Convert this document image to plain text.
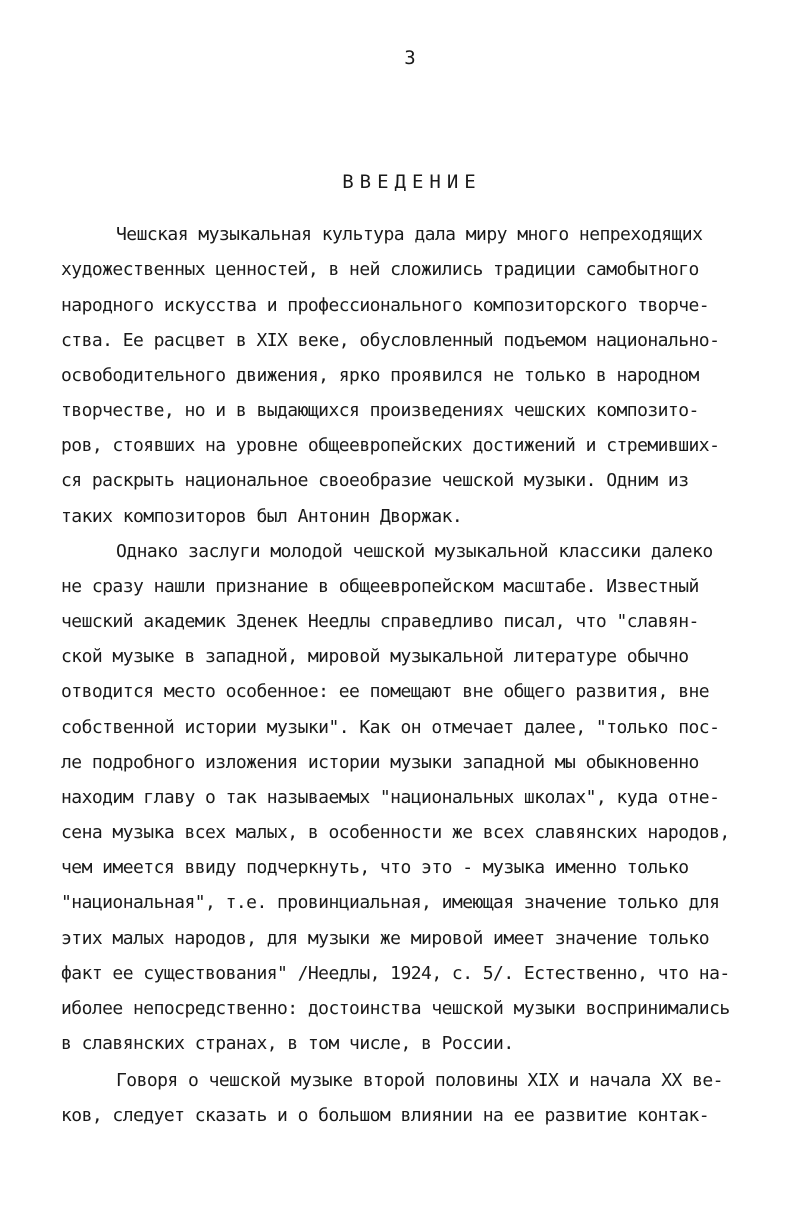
3
ВВЕДЕНИЕ
Чешская музыкальная культура дала миру много непреходящих
художественных ценностей, в ней сложились традиции самобытного
народного искусства и профессионального композиторского творче-
ства. Ее расцвет в XIX веке, обусловленный подъемом национально-
освободительного движения, ярко проявился не только в народном
творчестве, но и в выдающихся произведениях чешских композито-
ров, стоявших на уровне общеевропейских достижений и стремивших-
ся раскрыть национальное своеобразие чешской музыки. Одним из
таких композиторов был Антонин Дворжак.
Однако заслуги молодой чешской музыкальной классики далеко
не сразу нашли признание в общеевропейском масштабе. Известный
чешский академик Зденек Неедлы справедливо писал, что "славян-
ской музыке в западной, мировой музыкальной литературе обычно
отводится место особенное: ее помещают вне общего развития, вне
собственной истории музыки". Как он отмечает далее, "только пос-
ле подробного изложения истории музыки западной мы обыкновенно
находим главу о так называемых "национальных школах", куда отне-
сена музыка всех малых, в особенности же всех славянских народов,
чем имеется ввиду подчеркнуть, что это - музыка именно только
"национальная", т.е. провинциальная, имеющая значение только для
этих малых народов, для музыки же мировой имеет значение только
факт ее существования" /Неедлы, 1924, с. 5/. Естественно, что на-
иболее непосредственно: достоинства чешской музыки воспринимались
в славянских странах, в том числе, в России.
Говоря о чешской музыке второй половины XIX и начала XX ве-
ков, следует сказать и о большом влиянии на ее развитие контак-
